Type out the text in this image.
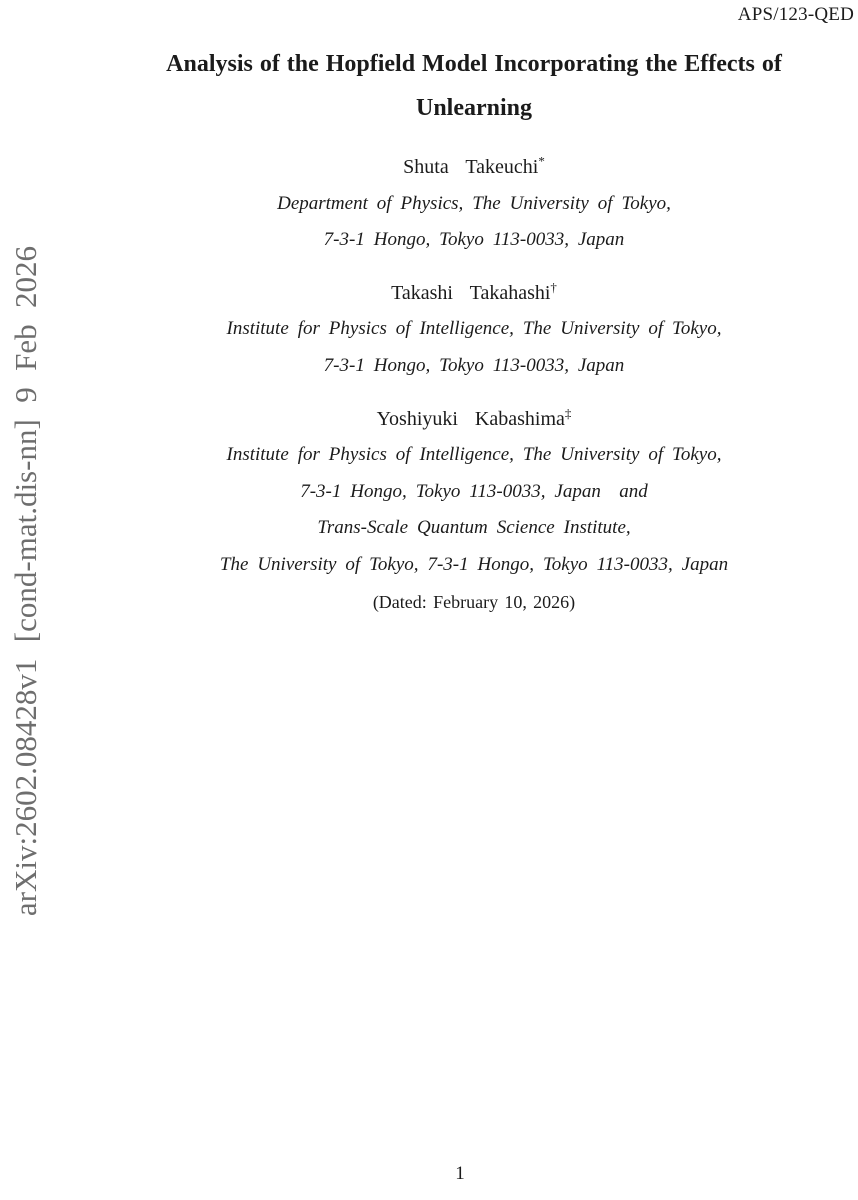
APS/123-QED
arXiv:2602.08428v1 [cond-mat.dis-nn] 9 Feb 2026
Analysis of the Hopfield Model Incorporating the Effects of
Unlearning
Shuta Takeuchi*
Department of Physics, The University of Tokyo,
7-3-1 Hongo, Tokyo 113-0033, Japan
Takashi Takahashi†
Institute for Physics of Intelligence, The University of Tokyo,
7-3-1 Hongo, Tokyo 113-0033, Japan
Yoshiyuki Kabashima‡
Institute for Physics of Intelligence, The University of Tokyo,
7-3-1 Hongo, Tokyo 113-0033, Japan  and
Trans-Scale Quantum Science Institute,
The University of Tokyo, 7-3-1 Hongo, Tokyo 113-0033, Japan
(Dated: February 10, 2026)
1
